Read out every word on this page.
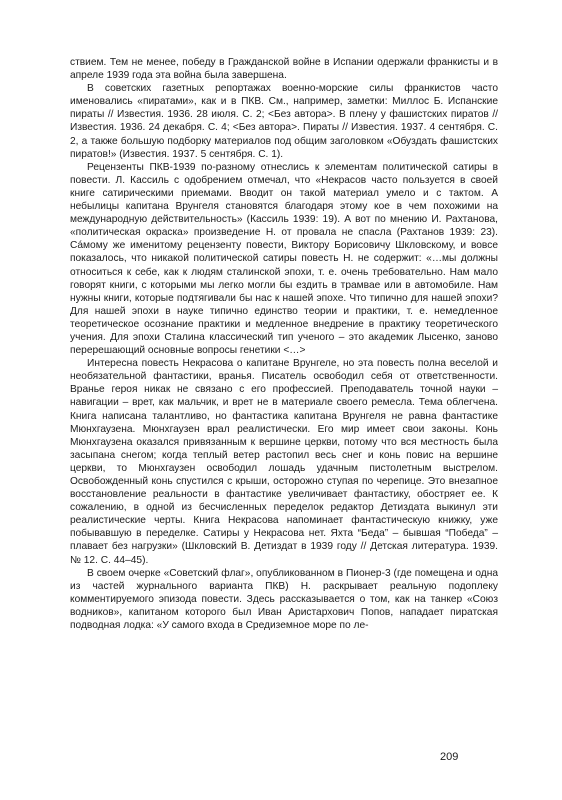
ствием. Тем не менее, победу в Гражданской войне в Испании одержали франкисты и в апреле 1939 года эта война была завершена.

В советских газетных репортажах военно-морские силы франкистов часто именовались «пиратами», как и в ПКВ. См., например, заметки: Миллос Б. Испанские пираты // Известия. 1936. 28 июля. С. 2; <Без автора>. В плену у фашистских пиратов // Известия. 1936. 24 декабря. С. 4; <Без автора>. Пираты // Известия. 1937. 4 сентября. С. 2, а также большую подборку материалов под общим заголовком «Обуздать фашистских пиратов!» (Известия. 1937. 5 сентября. С. 1).

Рецензенты ПКВ-1939 по-разному отнеслись к элементам политической сатиры в повести. Л. Кассиль с одобрением отмечал, что «Некрасов часто пользуется в своей книге сатирическими приемами. Вводит он такой материал умело и с тактом. А небылицы капитана Врунгеля становятся благодаря этому кое в чем похожими на международную действительность» (Кассиль 1939: 19). А вот по мнению И. Рахтанова, «политическая окраска» произведение Н. от провала не спасла (Рахтанов 1939: 23). Сáмому же именитому рецензенту повести, Виктору Борисовичу Шкловскому, и вовсе показалось, что никакой политической сатиры повесть Н. не содержит: «…мы должны относиться к себе, как к людям сталинской эпохи, т. е. очень требовательно. Нам мало говорят книги, с которыми мы легко могли бы ездить в трамвае или в автомобиле. Нам нужны книги, которые подтягивали бы нас к нашей эпохе. Что типично для нашей эпохи? Для нашей эпохи в науке типично единство теории и практики, т. е. немедленное теоретическое осознание практики и медленное внедрение в практику теоретического учения. Для эпохи Сталина классический тип ученого – это академик Лысенко, заново перерешающий основные вопросы генетики <…>

Интересна повесть Некрасова о капитане Врунгеле, но эта повесть полна веселой и необязательной фантастики, вранья. Писатель освободил себя от ответственности. Вранье героя никак не связано с его профессией. Преподаватель точной науки – навигации – врет, как мальчик, и врет не в материале своего ремесла. Тема облегчена. Книга написана талантливо, но фантастика капитана Врунгеля не равна фантастике Мюнхгаузена. Мюнхгаузен врал реалистически. Его мир имеет свои законы. Конь Мюнхгаузена оказался привязанным к вершине церкви, потому что вся местность была засыпана снегом; когда теплый ветер растопил весь снег и конь повис на вершине церкви, то Мюнхгаузен освободил лошадь удачным пистолетным выстрелом. Освобожденный конь спустился с крыши, осторожно ступая по черепице. Это внезапное восстановление реальности в фантастике увеличивает фантастику, обостряет ее. К сожалению, в одной из бесчисленных переделок редактор Детиздата выкинул эти реалистические черты. Книга Некрасова напоминает фантастическую книжку, уже побывавшую в переделке. Сатиры у Некрасова нет. Яхта “Беда” – бывшая “Победа” – плавает без нагрузки» (Шкловский В. Детиздат в 1939 году // Детская литература. 1939. № 12. С. 44–45).

В своем очерке «Советский флаг», опубликованном в Пионер-3 (где помещена и одна из частей журнального варианта ПКВ) Н. раскрывает реальную подоплеку комментируемого эпизода повести. Здесь рассказывается о том, как на танкер «Союз водников», капитаном которого был Иван Аристархович Попов, нападает пиратская подводная лодка: «У самого входа в Средиземное море по ле-

209
